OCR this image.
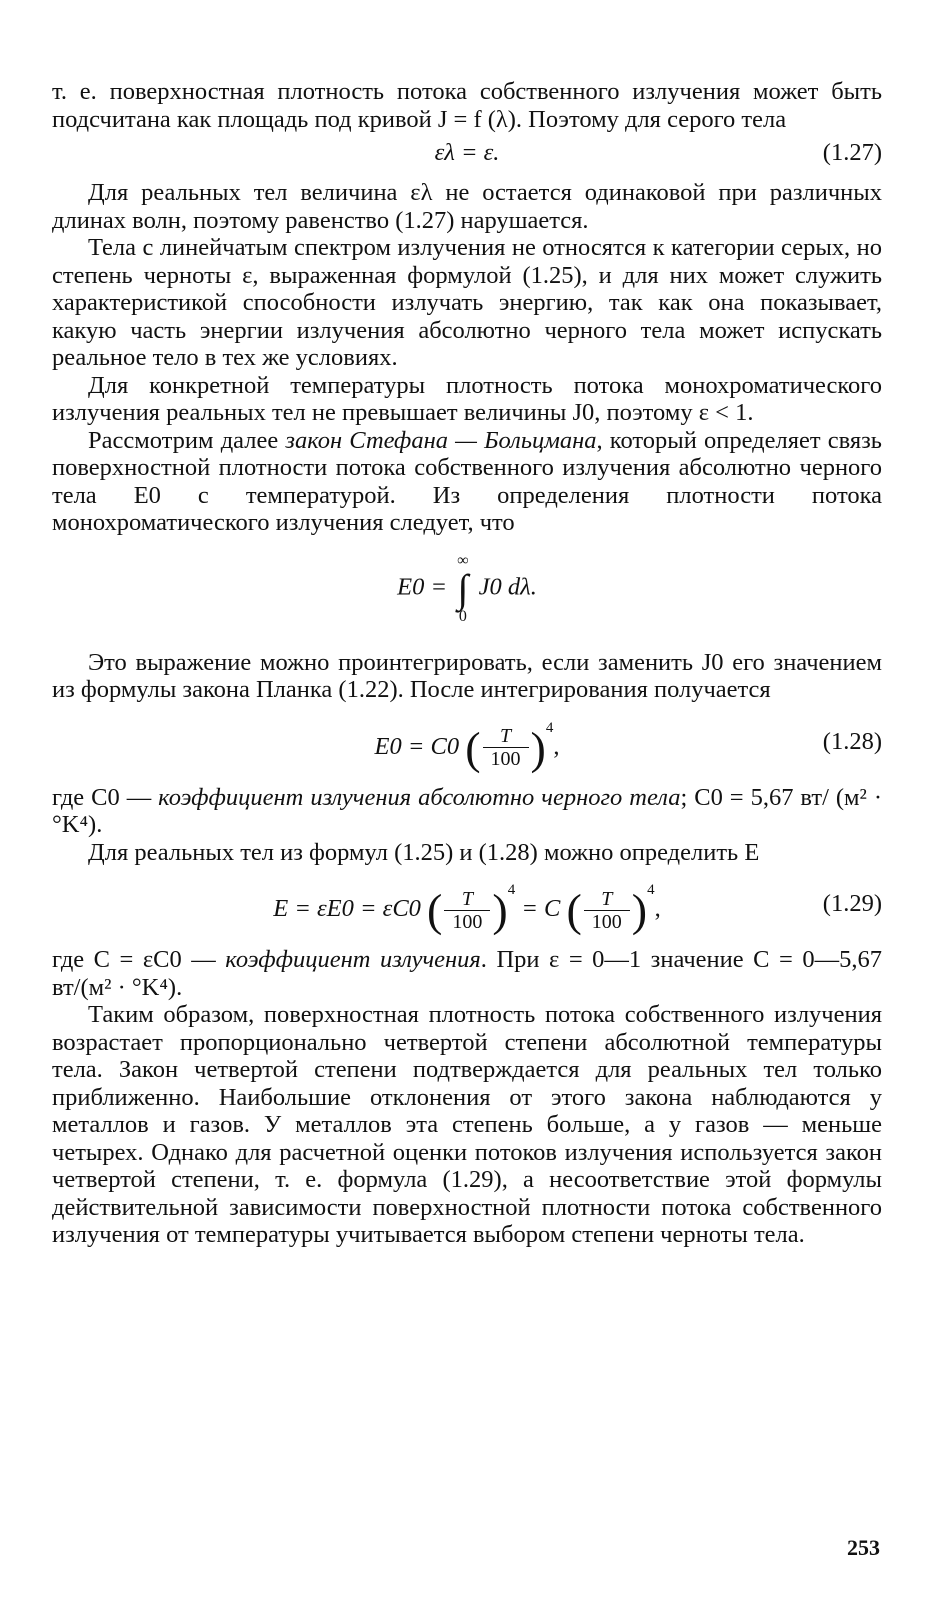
т. е. поверхностная плотность потока собственного излучения может быть подсчитана как площадь под кривой J = f (λ). Поэтому для серого тела

ελ = ε.	(1.27)

Для реальных тел величина ελ не остается одинаковой при различных длинах волн, поэтому равенство (1.27) нарушается.

Тела с линейчатым спектром излучения не относятся к категории серых, но степень черноты ε, выраженная формулой (1.25), и для них может служить характеристикой способности излучать энергию, так как она показывает, какую часть энергии излучения абсолютно черного тела может испускать реальное тело в тех же условиях.

Для конкретной температуры плотность потока монохроматического излучения реальных тел не превышает величины J0, поэтому ε < 1.

Рассмотрим далее закон Стефана — Больцмана, который определяет связь поверхностной плотности потока собственного излучения абсолютно черного тела E0 с температурой. Из определения плотности потока монохроматического излучения следует, что

E0 = ∞
∫
0 J0 dλ.

Это выражение можно проинтегрировать, если заменить J0 его значением из формулы закона Планка (1.22). После интегрирования получается

E0 = C0 ( $\frac{T}{100} )^4$,	(1.28)

где C0 — коэффициент излучения абсолютно черного тела; C0 = 5,67 вт/ (м² · °K⁴).

Для реальных тел из формул (1.25) и (1.28) можно определить E

E = εE0 = εC0 ( $\frac{T}{100} )^4 = C$ ( $\frac{T}{100} )^4$,	(1.29)

где C = εC0 — коэффициент излучения. При ε = 0—1 значение C = 0—5,67 вт/(м² · °K⁴).

Таким образом, поверхностная плотность потока собственного излучения возрастает пропорционально четвертой степени абсолютной температуры тела. Закон четвертой степени подтверждается для реальных тел только приближенно. Наибольшие отклонения от этого закона наблюдаются у металлов и газов. У металлов эта степень больше, а у газов — меньше четырех. Однако для расчетной оценки потоков излучения используется закон четвертой степени, т. е. формула (1.29), а несоответствие этой формулы действительной зависимости поверхностной плотности потока собственного излучения от температуры учитывается выбором степени черноты тела.

253
